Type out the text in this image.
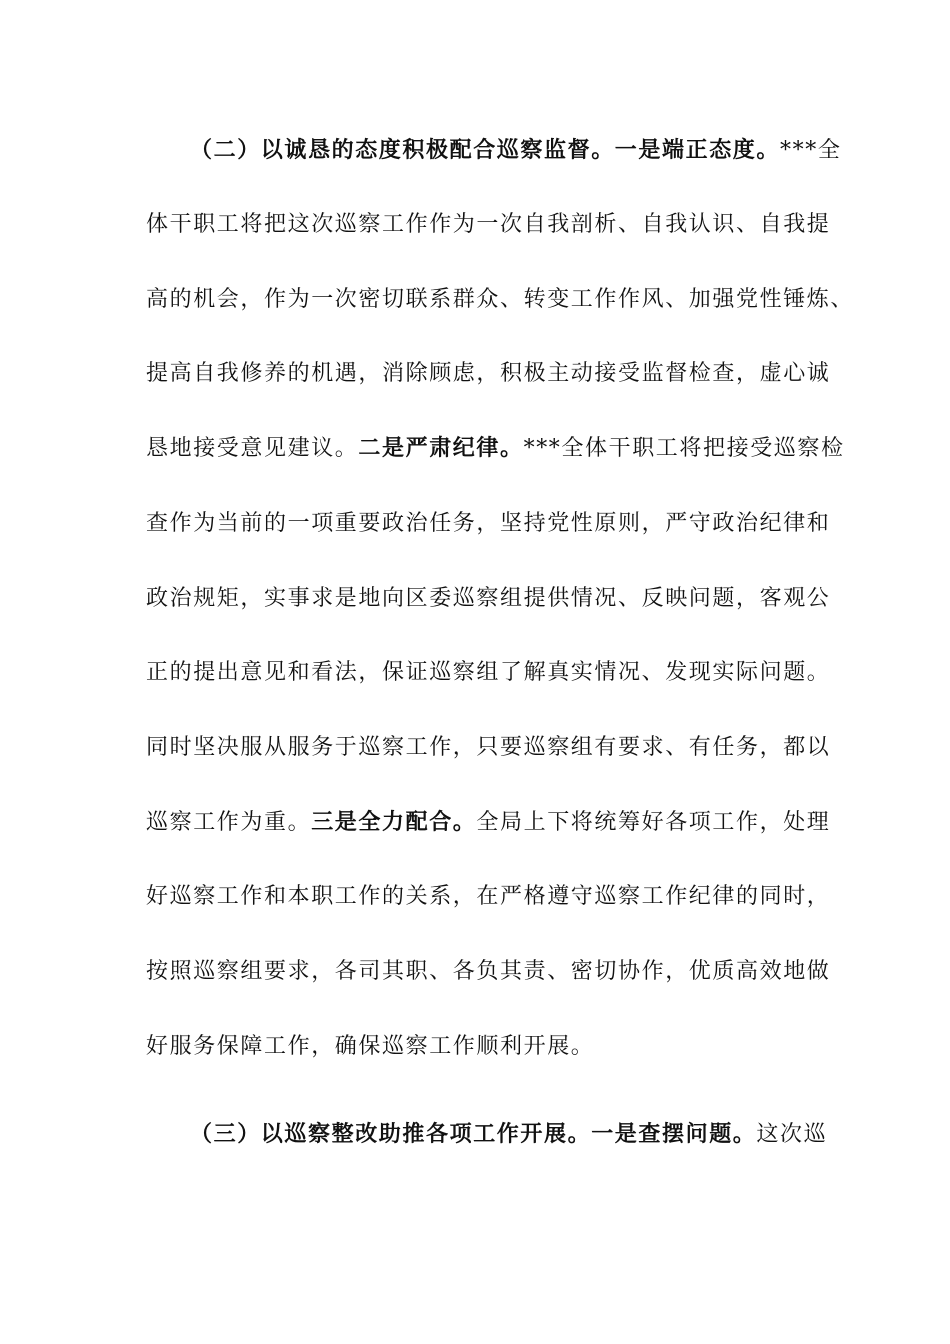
（二）以诚恳的态度积极配合巡察监督。一是端正态度。***全
体干职工将把这次巡察工作作为一次自我剖析、自我认识、自我提
高的机会，作为一次密切联系群众、转变工作作风、加强党性锤炼、
提高自我修养的机遇，消除顾虑，积极主动接受监督检查，虚心诚
恳地接受意见建议。二是严肃纪律。***全体干职工将把接受巡察检
查作为当前的一项重要政治任务，坚持党性原则，严守政治纪律和
政治规矩，实事求是地向区委巡察组提供情况、反映问题，客观公
正的提出意见和看法，保证巡察组了解真实情况、发现实际问题。
同时坚决服从服务于巡察工作，只要巡察组有要求、有任务，都以
巡察工作为重。三是全力配合。全局上下将统筹好各项工作，处理
好巡察工作和本职工作的关系，在严格遵守巡察工作纪律的同时，
按照巡察组要求，各司其职、各负其责、密切协作，优质高效地做
好服务保障工作，确保巡察工作顺利开展。
（三）以巡察整改助推各项工作开展。一是查摆问题。这次巡
